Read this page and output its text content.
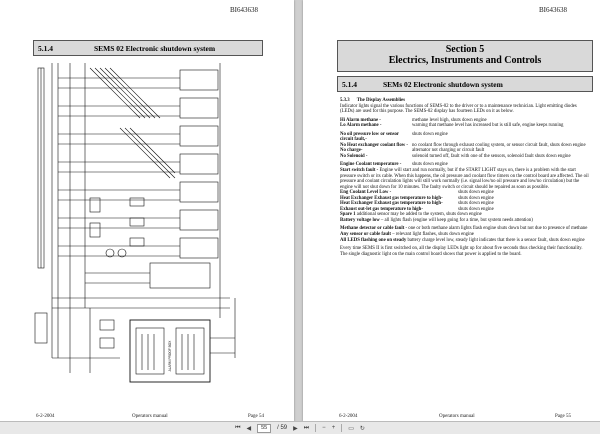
BI643638
5.1.4	SEMS 02 Electronic shutdown system
ALARM PROOF BOX
6-2-2004	Operators manual	Page 54
BI643638
Section 5
Electrics, Instruments and Controls
5.1.4	SEMs 02 Electronic shutdown system

5.3.3 The Display Assemblies

Indicator lights signal the various functions of SEMS-02 to the driver or to a maintenance technician. Light emitting diodes (LEDs) are used for this purpose. The SEMS-02 display has fourteen LEDs on it as below.

Hi Alarm methane -	methane level high, shuts down engine
Lo Alarm methane -	warning that methane level has increased but is still safe, engine keeps running
No oil pressure low or sensor circuit fault,-
shuts down engine
No Heat exchanger coolant flow - no coolant flow through exhaust cooling system, or sensor circuit fault, shuts down engine
No charge-	alternator not charging or circuit fault
No Solenoid -	solenoid turned off, fault with one of the sensors, solenoid fault shuts down engine
Engine Coolant temperature -	shuts down engine

Start switch fault - Engine will start and run normally, but if the START LIGHT stays on, there is a problem with the start pressure switch or its cable. When this happens, the oil pressure and coolant flow timers on the control board are affected. The oil pressure and coolant circulation lights will still work normally (i.e. signal low/no oil pressure and low/no circulation) but the engine will not shut down for 10 minutes. The faulty switch or circuit should be repaired as soon as possible.

Eng Coolant Level Low -	shuts down engine
Heat Exchanger Exhaust gas temperature to high-	shuts down engine
Heat Exchanger Exhaust gas temperature to high-	shuts down engine
Exhaust out-let gas temperature to high-	shuts down engine

Spare 1 additional sensor may be added to the system, shuts down engine

Battery voltage low – all lights flash (engine will keep going for a time, but system needs attention)

Methane detector or cable fault - one or both methane alarm lights flash engine shuts down but not due to presence of methane

Any sensor or cable fault – relevant light flashes, shuts down engine

All LEDS flashing one on steady battery charge level low, steady light indicates that there is a sensor fault, shuts down engine

Every time SEMS II is first switched on, all the display LEDs light up for about five seconds thus checking their functionality.

The single diagnostic light on the main control board shows that power is applied to the board.

6-2-2004	Operators manual	Page 55
⏮ ◀	55	/ 59 ▶ ⏭ − + ▭ ↻
